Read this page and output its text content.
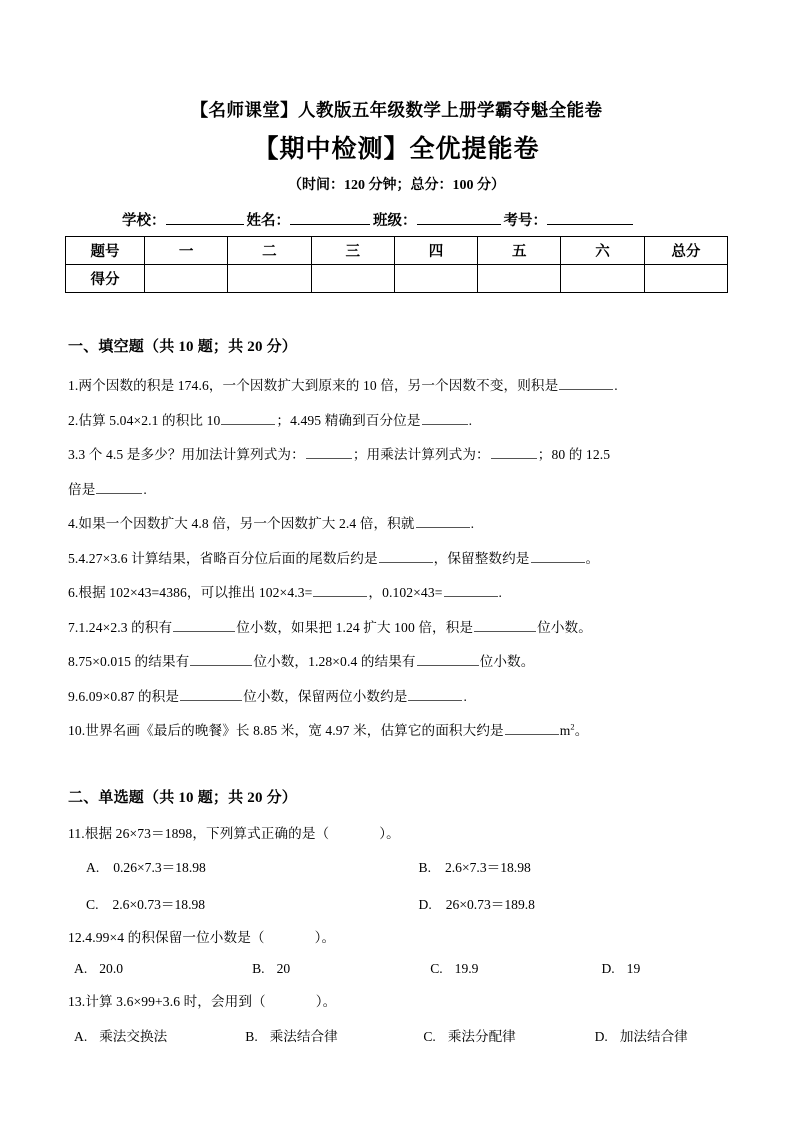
【名师课堂】人教版五年级数学上册学霸夺魁全能卷
【期中检测】全优提能卷
（时间：120 分钟；总分：100 分）
学校：	姓名：	班级：	考号：
题号	一	二	三	四	五	六	总分
得分							
一、填空题（共 10 题；共 20 分）
1.两个因数的积是 174.6，一个因数扩大到原来的 10 倍，另一个因数不变，则积是	.
2.估算 5.04×2.1 的积比 10	；4.495 精确到百分位是	.
3.3 个 4.5 是多少？用加法计算列式为：	；用乘法计算列式为：	；80 的 12.5
倍是	.
4.如果一个因数扩大 4.8 倍，另一个因数扩大 2.4 倍，积就	.
5.4.27×3.6 计算结果，省略百分位后面的尾数后约是	，保留整数约是	。
6.根据 102×43=4386，可以推出 102×4.3=	，0.102×43=	.
7.1.24×2.3 的积有	位小数，如果把 1.24 扩大 100 倍，积是	位小数。
8.75×0.015 的结果有	位小数，1.28×0.4 的结果有	位小数。
9.6.09×0.87 的积是	位小数，保留两位小数约是	.
10.世界名画《最后的晚餐》长 8.85 米，宽 4.97 米，估算它的面积大约是	$m^2$。
二、单选题（共 10 题；共 20 分）
11.根据 26×73＝1898，下列算式正确的是（	）。
A. 0.26×7.3＝18.98	B. 2.6×7.3＝18.98
C. 2.6×0.73＝18.98	D. 26×0.73＝189.8
12.4.99×4 的积保留一位小数是（	）。
A. 20.0	B. 20	C. 19.9	D. 19
13.计算 3.6×99+3.6 时，会用到（	）。
A. 乘法交换法	B. 乘法结合律	C. 乘法分配律	D. 加法结合律
